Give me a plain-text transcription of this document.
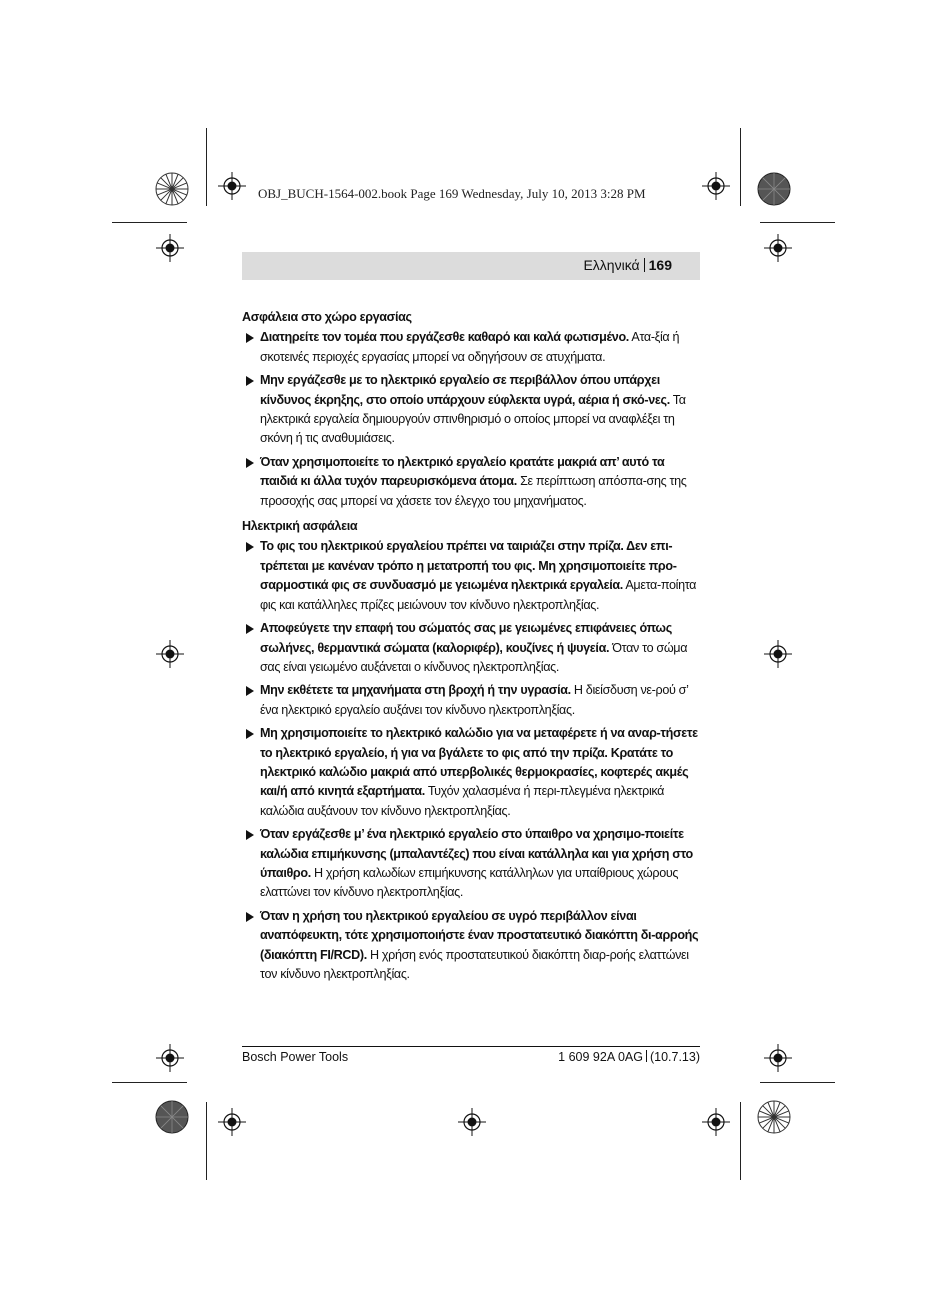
OBJ_BUCH-1564-002.book Page 169 Wednesday, July 10, 2013 3:28 PM
Ελληνικά 169
Ασφάλεια στο χώρο εργασίας
Διατηρείτε τον τομέα που εργάζεσθε καθαρό και καλά φωτισμένο. Ατα-ξία ή σκοτεινές περιοχές εργασίας μπορεί να οδηγήσουν σε ατυχήματα.
Μην εργάζεσθε με το ηλεκτρικό εργαλείο σε περιβάλλον όπου υπάρχει κίνδυνος έκρηξης, στο οποίο υπάρχουν εύφλεκτα υγρά, αέρια ή σκό-νες. Τα ηλεκτρικά εργαλεία δημιουργούν σπινθηρισμό ο οποίος μπορεί να αναφλέξει τη σκόνη ή τις αναθυμιάσεις.
Όταν χρησιμοποιείτε το ηλεκτρικό εργαλείο κρατάτε μακριά απ’ αυτό τα παιδιά κι άλλα τυχόν παρευρισκόμενα άτομα. Σε περίπτωση απόσπα-σης της προσοχής σας μπορεί να χάσετε τον έλεγχο του μηχανήματος.
Ηλεκτρική ασφάλεια
Το φις του ηλεκτρικού εργαλείου πρέπει να ταιριάζει στην πρίζα. Δεν επι-τρέπεται με κανέναν τρόπο η μετατροπή του φις. Μη χρησιμοποιείτε προ-σαρμοστικά φις σε συνδυασμό με γειωμένα ηλεκτρικά εργαλεία. Αμετα-ποίητα φις και κατάλληλες πρίζες μειώνουν τον κίνδυνο ηλεκτροπληξίας.
Αποφεύγετε την επαφή του σώματός σας με γειωμένες επιφάνειες όπως σωλήνες, θερμαντικά σώματα (καλοριφέρ), κουζίνες ή ψυγεία. Όταν το σώμα σας είναι γειωμένο αυξάνεται ο κίνδυνος ηλεκτροπληξίας.
Μην εκθέτετε τα μηχανήματα στη βροχή ή την υγρασία. Η διείσδυση νε-ρού σ’ ένα ηλεκτρικό εργαλείο αυξάνει τον κίνδυνο ηλεκτροπληξίας.
Μη χρησιμοποιείτε το ηλεκτρικό καλώδιο για να μεταφέρετε ή να αναρ-τήσετε το ηλεκτρικό εργαλείο, ή για να βγάλετε το φις από την πρίζα. Κρατάτε το ηλεκτρικό καλώδιο μακριά από υπερβολικές θερμοκρασίες, κοφτερές ακμές και/ή από κινητά εξαρτήματα. Τυχόν χαλασμένα ή περι-πλεγμένα ηλεκτρικά καλώδια αυξάνουν τον κίνδυνο ηλεκτροπληξίας.
Όταν εργάζεσθε μ’ ένα ηλεκτρικό εργαλείο στο ύπαιθρο να χρησιμο-ποιείτε καλώδια επιμήκυνσης (μπαλαντέζες) που είναι κατάλληλα και για χρήση στο ύπαιθρο. Η χρήση καλωδίων επιμήκυνσης κατάλληλων για υπαίθριους χώρους ελαττώνει τον κίνδυνο ηλεκτροπληξίας.
Όταν η χρήση του ηλεκτρικού εργαλείου σε υγρό περιβάλλον είναι αναπόφευκτη, τότε χρησιμοποιήστε έναν προστατευτικό διακόπτη δι-αρροής (διακόπτη FI/RCD). Η χρήση ενός προστατευτικού διακόπτη διαρ-ροής ελαττώνει τον κίνδυνο ηλεκτροπληξίας.
Bosch Power Tools	1 609 92A 0AG (10.7.13)
